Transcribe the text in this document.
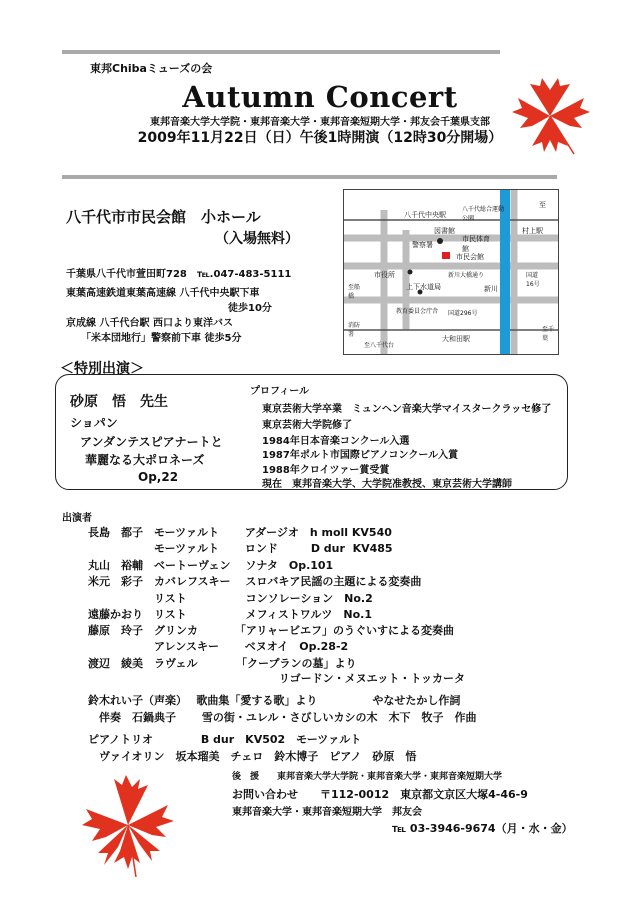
東邦Chibaミューズの会
Autumn Concert
東邦音楽大学大学院・東邦音楽大学・東邦音楽短期大学・邦友会千葉県支部
2009年11月22日（日）午後1時開演（12時30分開場）
八千代市市民会館　小ホール
（入場無料）
千葉県八千代市萱田町728　℡.047-483-5111
東葉高速鉄道東葉高速線 八千代中央駅下車
徒歩10分
京成線 八千代台駅 西口より東洋バス
「米本団地行」警察前下車 徒歩5分
至
八千代中央駅
八千代総合運動公園
村上駅
図書館
警察署
市民体育館
市民会館
市役所
上下水道局
新川大橋通り	国道16号
新川
国道296号
教育委員会庁舎
大和田駅
至八千代台
至船橋
消防署
至千葉
＜特別出演＞
プロフィール
砂原　悟　先生
ショパン
アンダンテスピアナートと
華麗なる大ポロネーズ
Op,22
東京芸術大学卒業　ミュンヘン音楽大学マイスタークラッセ修了
東京芸術大学院修了
1984年日本音楽コンクール入選
1987年ポルト市国際ピアノコンクール入賞
1988年クロイツァー賞受賞
現在　東邦音楽大学、大学院准教授、東京芸術大学講師
出演者
長島　都子　モーツァルト　　 アダージオ　h moll KV540
　　　　　　モーツァルト　　 ロンド　　　D dur  KV485
丸山　裕輔　ベートーヴェン　 ソナタ　Op.101
米元　彩子　カバレフスキー　 スロバキア民謡の主題による変奏曲
　　　　　　リスト　　　　　 コンソレーション　No.2
遠藤かおり　リスト　　　　　 メフィストワルツ　No.1
藤原　玲子　グリンカ　　　 「アリャービエフ」のうぐいすによる変奏曲
　　　　　　アレンスキー　　 ベヌオイ　Op.28-2
渡辺　綾美　ラヴェル　　　　「クープランの墓」より
　　　　　　　　　　　　　　　　　 リゴードン・メヌエット・トッカータ
鈴木れい子（声楽）　 歌曲集「愛する歌」より　　　　　やなせたかし作詞
　伴奏　石鍋典子　　 雪の街・ユレル・さびしいカシの木　木下　牧子　作曲
ピアノトリオ　　　　 B dur　KV502　モーツァルト
　ヴァイオリン　坂本瑠美　チェロ　鈴木博子　ピアノ　砂原　悟
後　援　　東邦音楽大学大学院・東邦音楽大学・東邦音楽短期大学
お問い合わせ　　〒112-0012　東京都文京区大塚4-46-9
東邦音楽大学・東邦音楽短期大学　邦友会
℡ 03-3946-9674（月・水・金）
